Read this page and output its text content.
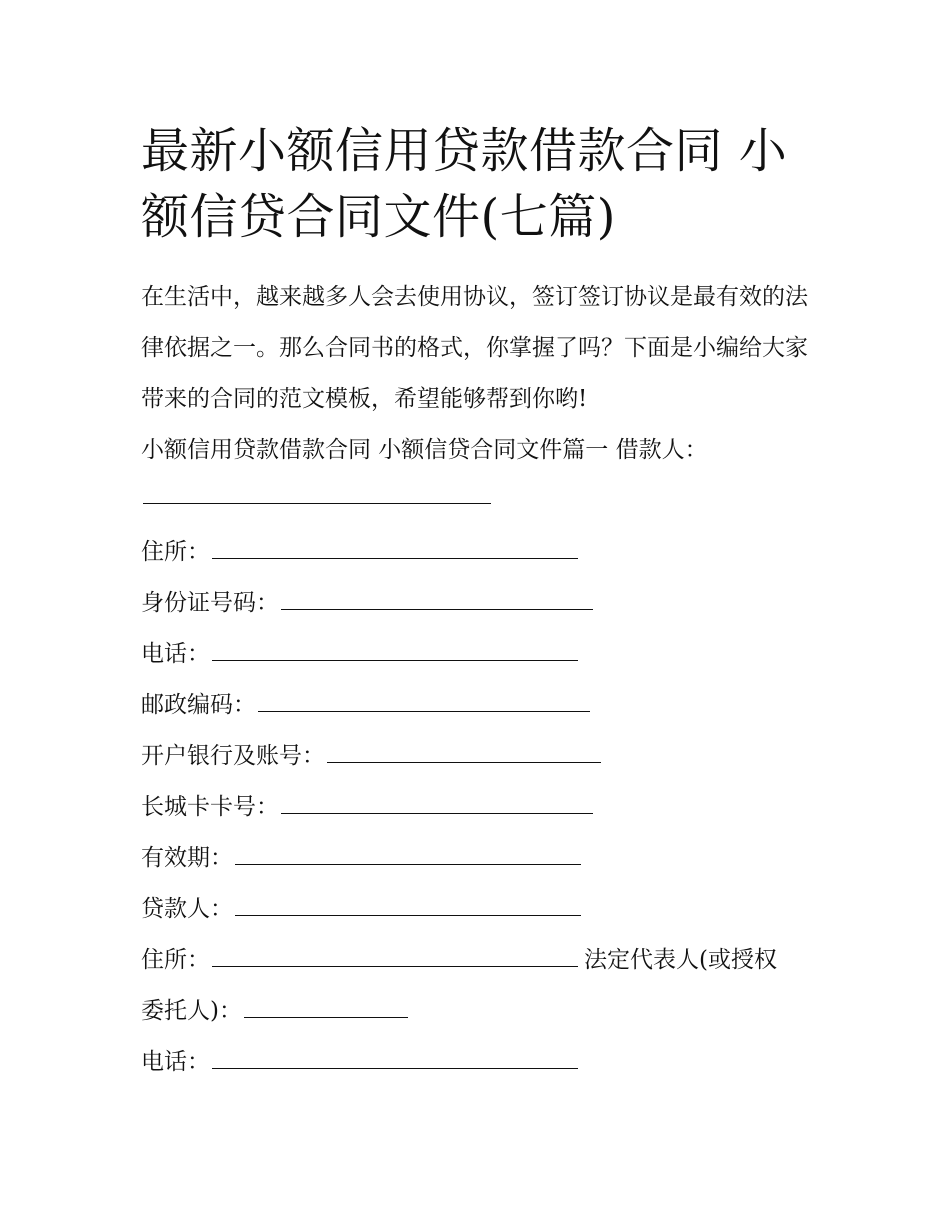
最新小额信用贷款借款合同 小额信贷合同文件(七篇)

在生活中，越来越多人会去使用协议，签订签订协议是最有效的法律依据之一。那么合同书的格式，你掌握了吗？下面是小编给大家带来的合同的范文模板，希望能够帮到你哟!

小额信用贷款借款合同 小额信贷合同文件篇一 借款人：
住所：
身份证号码：
电话：
邮政编码：
开户银行及账号：
长城卡卡号：
有效期：
贷款人：
住所：	法定代表人(或授权
委托人)：
电话：
